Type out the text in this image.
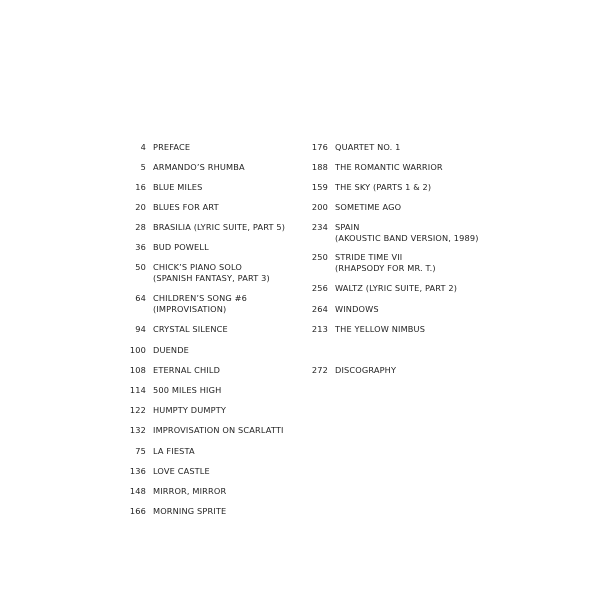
4 PREFACE
5 ARMANDO’S RHUMBA
16 BLUE MILES
20 BLUES FOR ART
28 BRASILIA (LYRIC SUITE, PART 5)
36 BUD POWELL
50 CHICK’S PIANO SOLO
(SPANISH FANTASY, PART 3)
64 CHILDREN’S SONG #6
(IMPROVISATION)
94 CRYSTAL SILENCE
100 DUENDE
108 ETERNAL CHILD
114 500 MILES HIGH
122 HUMPTY DUMPTY
132 IMPROVISATION ON SCARLATTI
75 LA FIESTA
136 LOVE CASTLE
148 MIRROR, MIRROR
166 MORNING SPRITE
176 QUARTET NO. 1
188 THE ROMANTIC WARRIOR
159 THE SKY (PARTS 1 & 2)
200 SOMETIME AGO
234 SPAIN
(AKOUSTIC BAND VERSION, 1989)
250 STRIDE TIME VII
(RHAPSODY FOR MR. T.)
256 WALTZ (LYRIC SUITE, PART 2)
264 WINDOWS
213 THE YELLOW NIMBUS
272 DISCOGRAPHY
